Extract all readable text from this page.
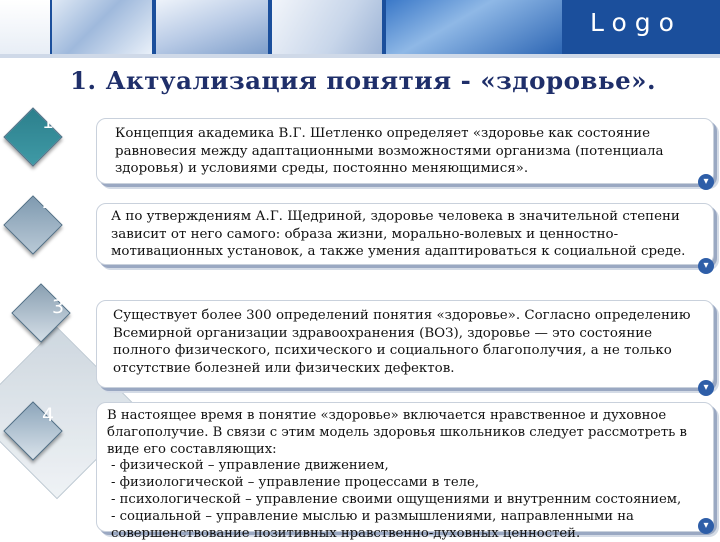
Logo
1. Актуализация понятия - «здоровье».

Концепция академика В.Г. Шетленко определяет «здоровье как состояние равновесия между адаптационными возможностями организма (потенциала здоровья) и условиями среды, постоянно меняющимися».

А по утверждениям А.Г. Щедриной, здоровье человека в значительной степени зависит от него самого: образа жизни, морально-волевых и ценностно-мотивационных установок, а также умения адаптироваться к социальной среде.

Существует более 300 определений понятия «здоровье». Согласно определению Всемирной организации здравоохранения (ВОЗ), здоровье — это состояние полного физического, психического и социального благополучия, а не только отсутствие болезней или физических дефектов.

В настоящее время в понятие «здоровье» включается нравственное и духовное благополучие. В связи с этим модель здоровья школьников следует рассмотреть в виде его составляющих:

- физической – управление движением,
- физиологической – управление процессами в теле,
- психологической – управление своими ощущениями и внутренним состоянием,
- социальной – управление мыслью и размышлениями, направленными на совершенствование позитивных нравственно-духовных ценностей.
1
2
3
4
▾
▾
▾
▾
